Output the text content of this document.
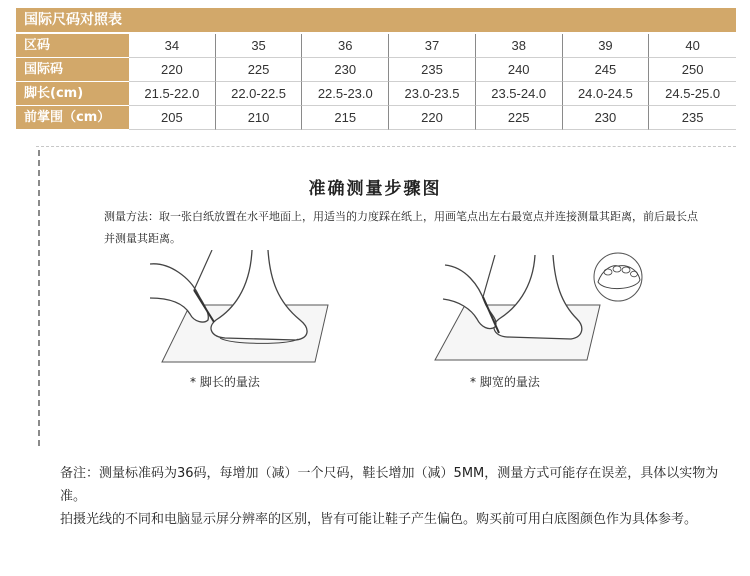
国际尺码对照表
区码	34	35	36	37	38	39	40
国际码	220	225	230	235	240	245	250
脚长(cm)	21.5-22.0	22.0-22.5	22.5-23.0	23.0-23.5	23.5-24.0	24.0-24.5	24.5-25.0
前掌围（cm）	205	210	215	220	225	230	235
准确测量步骤图
测量方法：取一张白纸放置在水平地面上，用适当的力度踩在纸上，用画笔点出左右最宽点并连接测量其距离，前后最长点并测量其距离。
* 脚长的量法	* 脚宽的量法

备注：测量标准码为36码，每增加（减）一个尺码，鞋长增加（减）5MM，测量方式可能存在误差，具体以实物为准。

拍摄光线的不同和电脑显示屏分辨率的区别，皆有可能让鞋子产生偏色。购买前可用白底图颜色作为具体参考。
